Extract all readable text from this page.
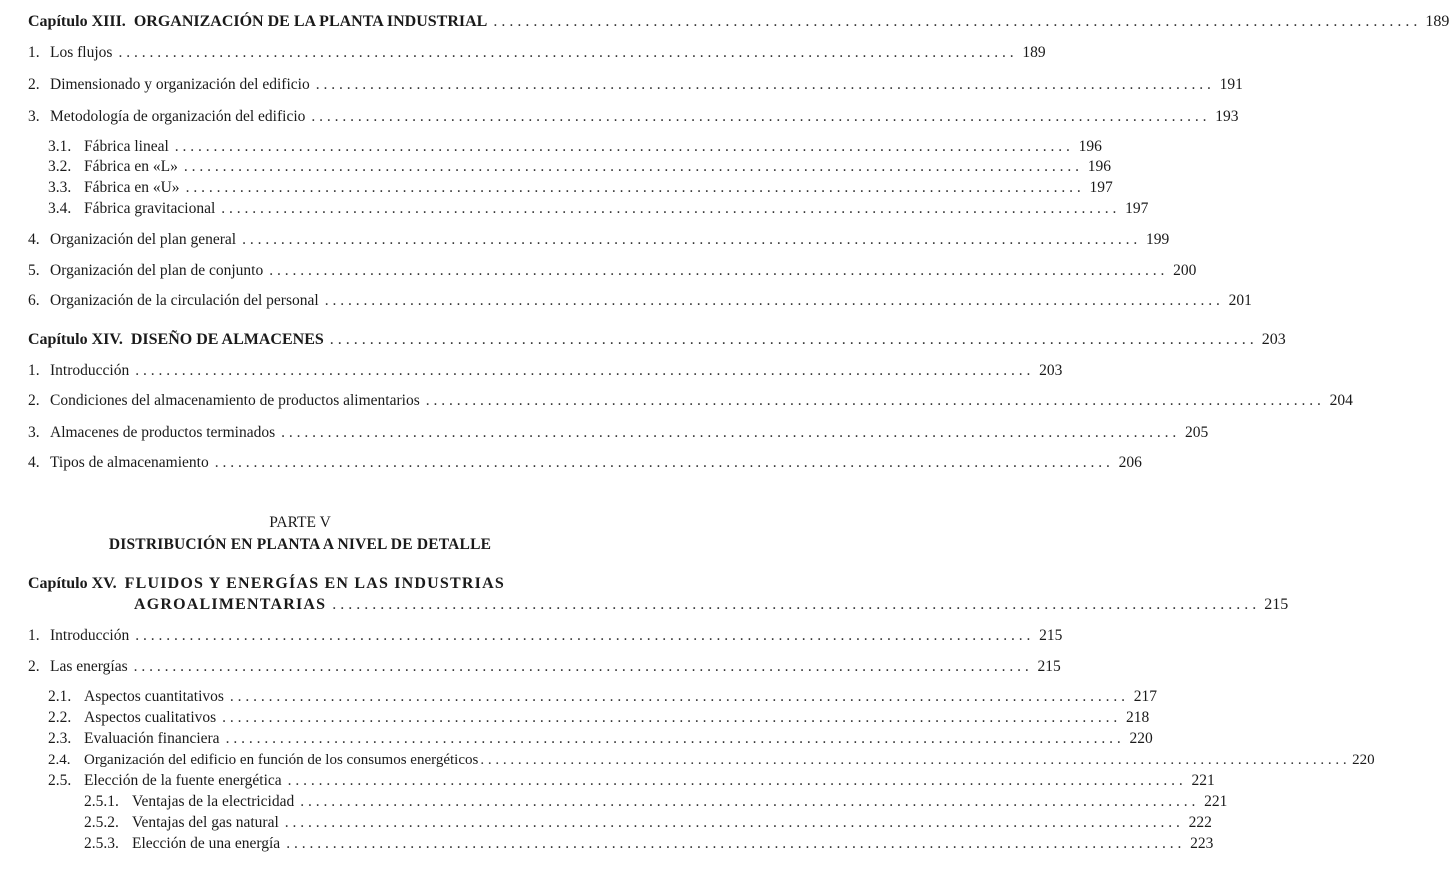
Capítulo XIII. ORGANIZACIÓN DE LA PLANTA INDUSTRIAL . . .	189
1. Los flujos . . .	189
2. Dimensionado y organización del edificio . . .	191
3. Metodología de organización del edificio . . .	193
3.1. Fábrica lineal . . .	196
3.2. Fábrica en «L» . . .	196
3.3. Fábrica en «U» . . .	197
3.4. Fábrica gravitacional . . .	197
4. Organización del plan general . . .	199
5. Organización del plan de conjunto . . .	200
6. Organización de la circulación del personal . . .	201
Capítulo XIV. DISEÑO DE ALMACENES . . .	203
1. Introducción . . .	203
2. Condiciones del almacenamiento de productos alimentarios . . .	204
3. Almacenes de productos terminados . . .	205
4. Tipos de almacenamiento . . .	206
PARTE V
DISTRIBUCIÓN EN PLANTA A NIVEL DE DETALLE
Capítulo XV. FLUIDOS Y ENERGÍAS EN LAS INDUSTRIAS
AGROALIMENTARIAS . . .	215
1. Introducción . . .	215
2. Las energías . . .	215
2.1. Aspectos cuantitativos . . .	217
2.2. Aspectos cualitativos . . .	218
2.3. Evaluación financiera . . .	220
2.4. Organización del edificio en función de los consumos energéticos . . .	220
2.5. Elección de la fuente energética . . .	221
2.5.1. Ventajas de la electricidad . . .	221
2.5.2. Ventajas del gas natural . . .	222
2.5.3. Elección de una energía . . .	223
